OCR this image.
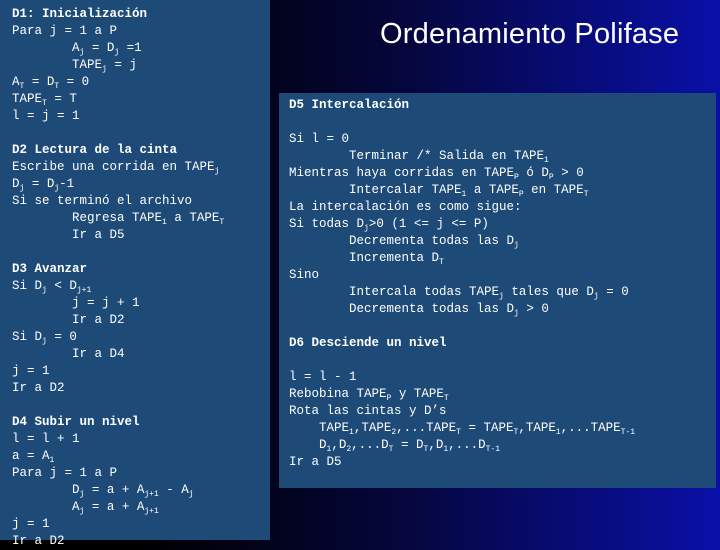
Ordenamiento Polifase
D1: Inicialización
Para j = 1 a P
$A_j = D_j =1$
$TAPE_j = j$
$A_T = D_T = 0$
$TAPE_T = T$
l = j = 1
D2 Lectura de la cinta
Escribe una corrida en $TAPE_j$
$D_j = D_j-1$
Si se terminó el archivo
Regresa $TAPE_1$ a $TAPE_T$
Ir a D5
D3 Avanzar
Si $D_j < D_{j+1}$
j = j + 1
Ir a D2
Si $D_j = 0$
Ir a D4
j = 1
Ir a D2
D4 Subir un nivel
l = l + 1
$a = A_1$
Para j = 1 a P
$D_j = a + A_{j+1} - A_j$
$A_j = a + A_{j+1}$
j = 1
Ir a D2
D5 Intercalación
Si l = 0
Terminar /* Salida en $TAPE_1$
Mientras haya corridas en $TAPE_P$ ó $D_P > 0$
Intercalar $TAPE_1$ a $TAPE_P$ en $TAPE_T$
La intercalación es como sigue:
Si todas $D_j>0$ (1 <= j <= P)
Decrementa todas las $D_j$
Incrementa $D_T$
Sino
Intercala todas $TAPE_j$ tales que $D_j = 0$
Decrementa todas las $D_j > 0$
D6 Desciende un nivel
l = l - 1
Rebobina $TAPE_P$ y $TAPE_T$
Rota las cintas y D’s
$TAPE_1,TAPE_2,...TAPE_T$ = $TAPE_T,TAPE_1,...TAPE_{T-1}$
$D_1,D_2,...D_T = D_T,D_1,...D_{T-1}$
Ir a D5
